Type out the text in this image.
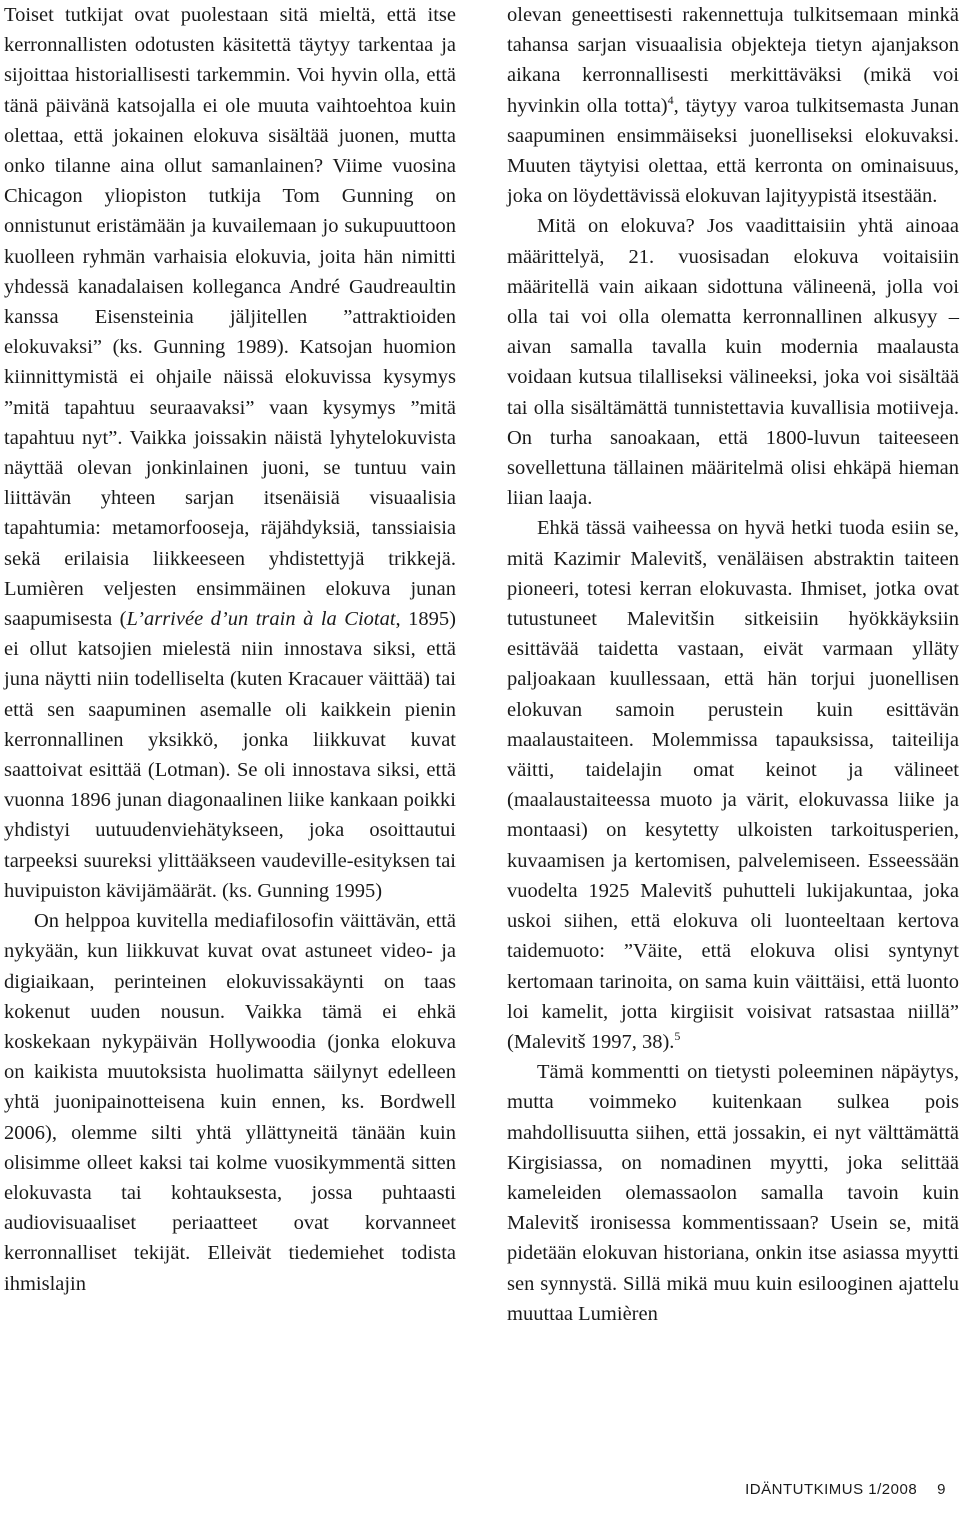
Toiset tutkijat ovat puolestaan sitä mieltä, että itse kerronnallisten odotusten käsitettä täytyy tarkentaa ja sijoittaa historiallisesti tarkemmin. Voi hyvin olla, että tänä päivänä katsojalla ei ole muuta vaihtoehtoa kuin olettaa, että jokainen elokuva sisältää juonen, mutta onko tilanne aina ollut samanlainen? Viime vuosina Chicagon yliopiston tutkija Tom Gunning on onnistunut eristämään ja kuvailemaan jo sukupuuttoon kuolleen ryhmän varhaisia elokuvia, joita hän nimitti yhdessä kanadalaisen kolleganсa André Gaudreaultin kanssa Eisensteinia jäljitellen ”attraktioiden elokuvaksi” (ks. Gunning 1989). Katsojan huomion kiinnittymistä ei ohjaile näissä elokuvissa kysymys ”mitä tapahtuu seuraavaksi” vaan kysymys ”mitä tapahtuu nyt”. Vaikka joissakin näistä lyhytelokuvista näyttää olevan jonkinlainen juoni, se tuntuu vain liittävän yhteen sarjan itsenäisiä visuaalisia tapahtumia: metamorfooseja, räjähdyksiä, tanssiaisia sekä erilaisia liikkeeseen yhdistettyjä trikkejä. Lumièren veljesten ensimmäinen elokuva junan saapumisesta (L’arrivée d’un train à la Ciotat, 1895) ei ollut katsojien mielestä niin innostava siksi, että juna näytti niin todelliselta (kuten Kracauer väittää) tai että sen saapuminen asemalle oli kaikkein pienin kerronnallinen yksikkö, jonka liikkuvat kuvat saattoivat esittää (Lotman). Se oli innostava siksi, että vuonna 1896 junan diagonaalinen liike kankaan poikki yhdistyi uutuudenviehätykseen, joka osoittautui tarpeeksi suureksi ylittääkseen vaudeville-esityksen tai huvipuiston kävijämäärät. (ks. Gunning 1995)

On helppoa kuvitella mediafilosofin väittävän, että nykyään, kun liikkuvat kuvat ovat astuneet video- ja digiaikaan, perinteinen elokuvissakäynti on taas kokenut uuden nousun. Vaikka tämä ei ehkä koskekaan nykypäivän Hollywoodia (jonka elokuva on kaikista muutoksista huolimatta säilynyt edelleen yhtä juonipainotteisena kuin ennen, ks. Bordwell 2006), olemme silti yhtä yllättyneitä tänään kuin olisimme olleet kaksi tai kolme vuosikymmentä sitten elokuvasta tai kohtauksesta, jossa puhtaasti audiovisuaaliset periaatteet ovat korvanneet kerronnalliset tekijät. Elleivät tiedemiehet todista ihmislajin

olevan geneettisesti rakennettuja tulkitsemaan minkä tahansa sarjan visuaalisia objekteja tietyn ajanjakson aikana kerronnallisesti merkittäväksi (mikä voi hyvinkin olla totta)$^4$, täytyy varoa tulkitsemasta Junan saapuminen ensimmäiseksi juonelliseksi elokuvaksi. Muuten täytyisi olettaa, että kerronta on ominaisuus, joka on löydettävissä elokuvan lajityypistä itsestään.

Mitä on elokuva? Jos vaadittaisiin yhtä ainoaa määrittelyä, 21. vuosisadan elokuva voitaisiin määritellä vain aikaan sidottuna välineenä, jolla voi olla tai voi olla olematta kerronnallinen alkusyy – aivan samalla tavalla kuin modernia maalausta voidaan kutsua tilalliseksi välineeksi, joka voi sisältää tai olla sisältämättä tunnistettavia kuvallisia motiiveja. On turha sanoakaan, että 1800-luvun taiteeseen sovellettuna tällainen määritelmä olisi ehkäpä hieman liian laaja.

Ehkä tässä vaiheessa on hyvä hetki tuoda esiin se, mitä Kazimir Malevitš, venäläisen abstraktin taiteen pioneeri, totesi kerran elokuvasta. Ihmiset, jotka ovat tutustuneet Malevitšin sitkeisiin hyökkäyksiin esittävää taidetta vastaan, eivät varmaan ylläty paljoakaan kuullessaan, että hän torjui juonellisen elokuvan samoin perustein kuin esittävän maalaustaiteen. Molemmissa tapauksissa, taiteilija väitti, taidelajin omat keinot ja välineet (maalaustaiteessa muoto ja värit, elokuvassa liike ja montaasi) on kesytetty ulkoisten tarkoitusperien, kuvaamisen ja kertomisen, palvelemiseen. Esseessään vuodelta 1925 Malevitš puhutteli lukijakuntaa, joka uskoi siihen, että elokuva oli luonteeltaan kertova taidemuoto: ”Väite, että elokuva olisi syntynyt kertomaan tarinoita, on sama kuin väittäisi, että luonto loi kamelit, jotta kirgiisit voisivat ratsastaa niillä” (Malevitš 1997, 38).$^5$

Tämä kommentti on tietysti poleeminen näpäytys, mutta voimmeko kuitenkaan sulkea pois mahdollisuutta siihen, että jossakin, ei nyt välttämättä Kirgisiassa, on nomadinen myytti, joka selittää kameleiden olemassaolon samalla tavoin kuin Malevitš ironisessa kommentissaan? Usein se, mitä pidetään elokuvan historiana, onkin itse asiassa myytti sen synnystä. Sillä mikä muu kuin esilooginen ajattelu muuttaa Lumièren

IDÄNTUTKIMUS 1/2008 9
